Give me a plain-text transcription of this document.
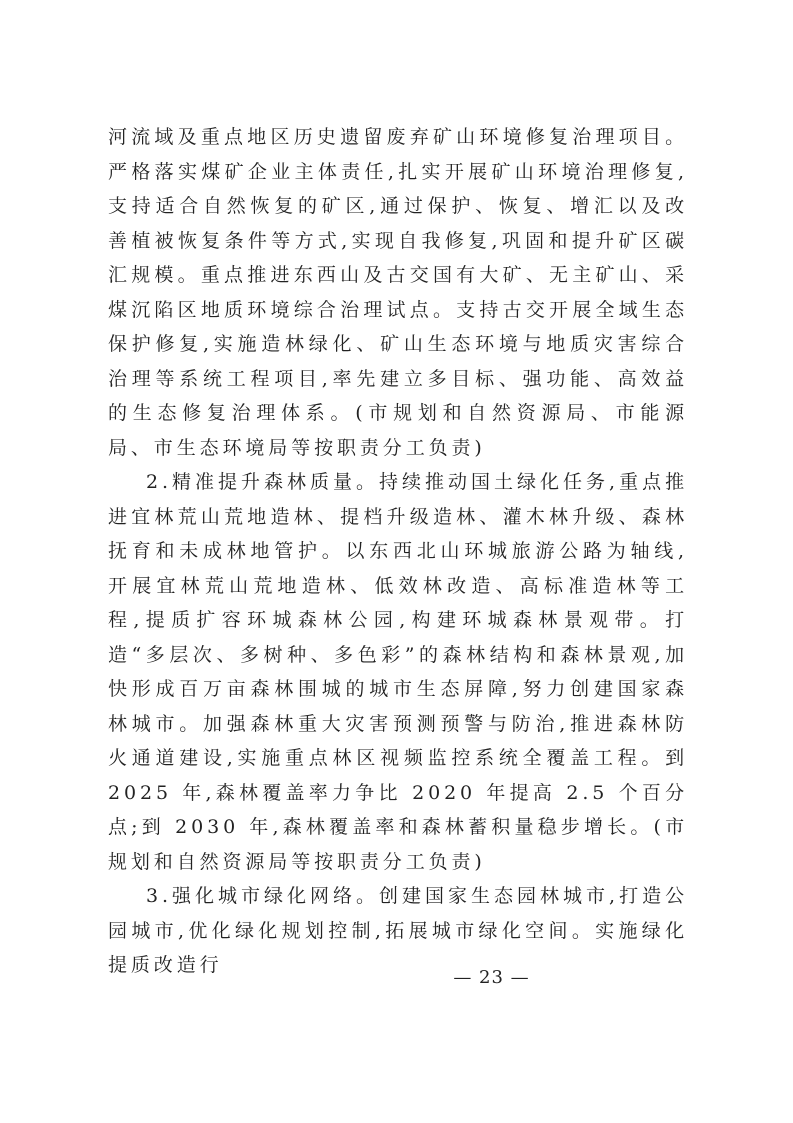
河流域及重点地区历史遗留废弃矿山环境修复治理项目。严格落实煤矿企业主体责任,扎实开展矿山环境治理修复,支持适合自然恢复的矿区,通过保护、恢复、增汇以及改善植被恢复条件等方式,实现自我修复,巩固和提升矿区碳汇规模。重点推进东西山及古交国有大矿、无主矿山、采煤沉陷区地质环境综合治理试点。支持古交开展全域生态保护修复,实施造林绿化、矿山生态环境与地质灾害综合治理等系统工程项目,率先建立多目标、强功能、高效益的生态修复治理体系。(市规划和自然资源局、市能源局、市生态环境局等按职责分工负责)

2.精准提升森林质量。持续推动国土绿化任务,重点推进宜林荒山荒地造林、提档升级造林、灌木林升级、森林抚育和未成林地管护。以东西北山环城旅游公路为轴线,开展宜林荒山荒地造林、低效林改造、高标准造林等工程,提质扩容环城森林公园,构建环城森林景观带。打造“多层次、多树种、多色彩”的森林结构和森林景观,加快形成百万亩森林围城的城市生态屏障,努力创建国家森林城市。加强森林重大灾害预测预警与防治,推进森林防火通道建设,实施重点林区视频监控系统全覆盖工程。到 2025 年,森林覆盖率力争比 2020 年提高 2.5 个百分点;到 2030 年,森林覆盖率和森林蓄积量稳步增长。(市规划和自然资源局等按职责分工负责)

3.强化城市绿化网络。创建国家生态园林城市,打造公园城市,优化绿化规划控制,拓展城市绿化空间。实施绿化提质改造行

— 23 —
